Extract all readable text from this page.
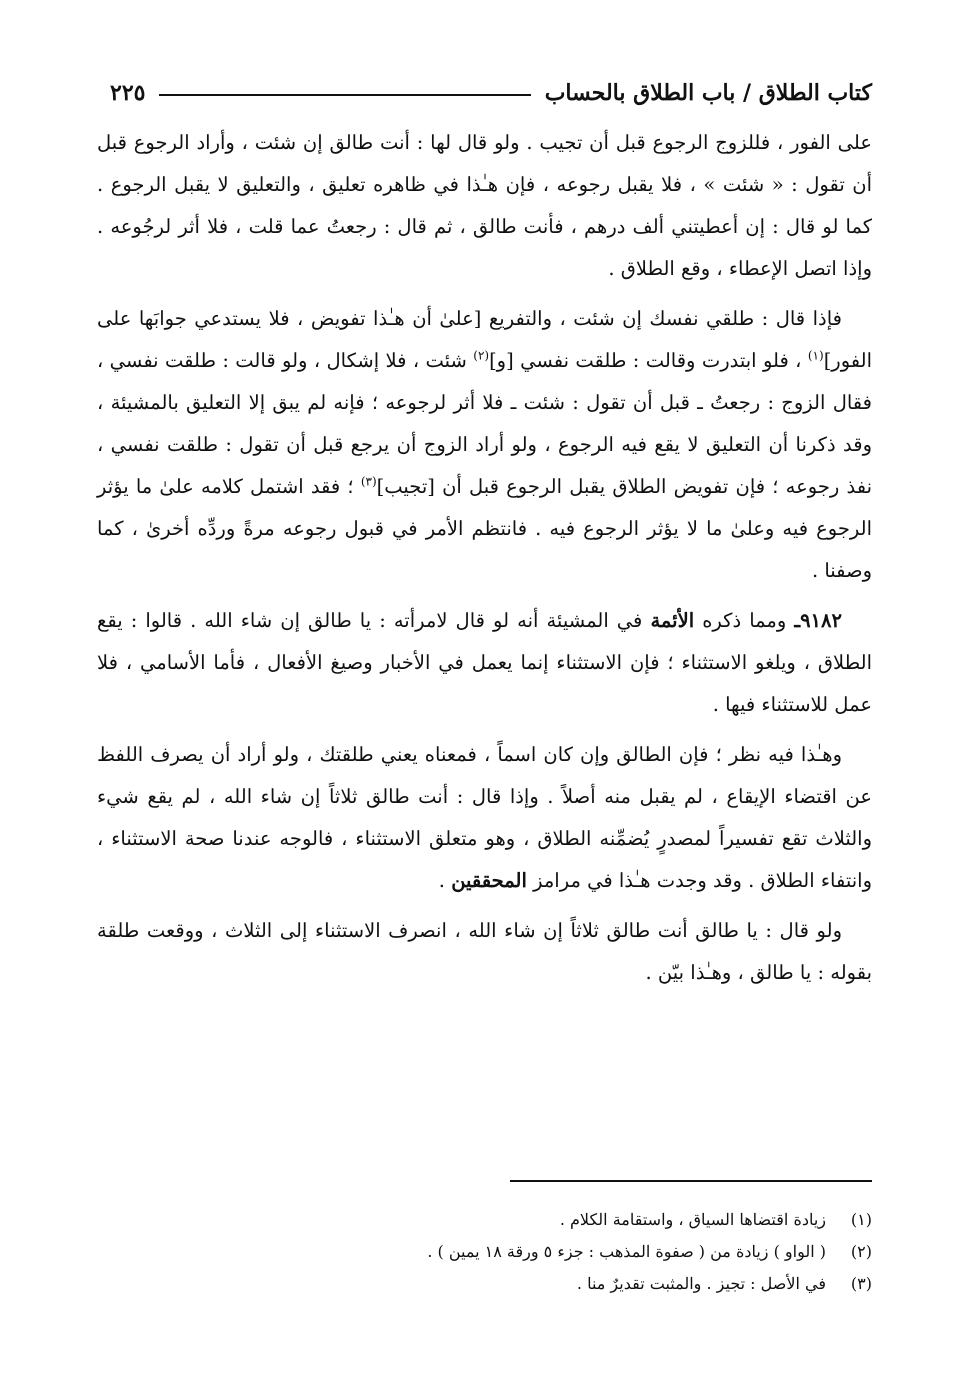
كتاب الطلاق / باب الطلاق بالحساب
٢٢٥

على الفور ، فللزوج الرجوع قبل أن تجيب . ولو قال لها : أنت طالق إن شئت ، وأراد الرجوع قبل أن تقول : « شئت » ، فلا يقبل رجوعه ، فإن هـٰذا في ظاهره تعليق ، والتعليق لا يقبل الرجوع . كما لو قال : إن أعطيتني ألف درهم ، فأنت طالق ، ثم قال : رجعتُ عما قلت ، فلا أثر لرجُوعه . وإذا اتصل الإعطاء ، وقع الطلاق .

فإذا قال : طلقي نفسك إن شئت ، والتفريع [علىٰ أن هـٰذا تفويض ، فلا يستدعي جوابَها على الفور]$^{(١)}$ ، فلو ابتدرت وقالت : طلقت نفسي [و]$^{(٢)}$ شئت ، فلا إشكال ، ولو قالت : طلقت نفسي ، فقال الزوج : رجعتُ ـ قبل أن تقول : شئت ـ فلا أثر لرجوعه ؛ فإنه لم يبق إلا التعليق بالمشيئة ، وقد ذكرنا أن التعليق لا يقع فيه الرجوع ، ولو أراد الزوج أن يرجع قبل أن تقول : طلقت نفسي ، نفذ رجوعه ؛ فإن تفويض الطلاق يقبل الرجوع قبل أن [تجيب]$^{(٣)}$ ؛ فقد اشتمل كلامه علىٰ ما يؤثر الرجوع فيه وعلىٰ ما لا يؤثر الرجوع فيه . فانتظم الأمر في قبول رجوعه مرةً وردِّه أخرىٰ ، كما وصفنا .

٩١٨٢ـ ومما ذكره الأئمة في المشيئة أنه لو قال لامرأته : يا طالق إن شاء الله . قالوا : يقع الطلاق ، ويلغو الاستثناء ؛ فإن الاستثناء إنما يعمل في الأخبار وصيغ الأفعال ، فأما الأسامي ، فلا عمل للاستثناء فيها .

وهـٰذا فيه نظر ؛ فإن الطالق وإن كان اسماً ، فمعناه يعني طلقتك ، ولو أراد أن يصرف اللفظ عن اقتضاء الإيقاع ، لم يقبل منه أصلاً . وإذا قال : أنت طالق ثلاثاً إن شاء الله ، لم يقع شيء والثلاث تقع تفسيراً لمصدرٍ يُضمِّنه الطلاق ، وهو متعلق الاستثناء ، فالوجه عندنا صحة الاستثناء ، وانتفاء الطلاق . وقد وجدت هـٰذا في مرامز المحققين .

ولو قال : يا طالق أنت طالق ثلاثاً إن شاء الله ، انصرف الاستثناء إلى الثلاث ، ووقعت طلقة بقوله : يا طالق ، وهـٰذا بيّن .

(١)
زيادة اقتضاها السياق ، واستقامة الكلام .
(٢)
( الواو ) زيادة من ( صفوة المذهب : جزء ٥ ورقة ١٨ يمين ) .
(٣)
في الأصل : تجيز . والمثبت تقديرٌ منا .
